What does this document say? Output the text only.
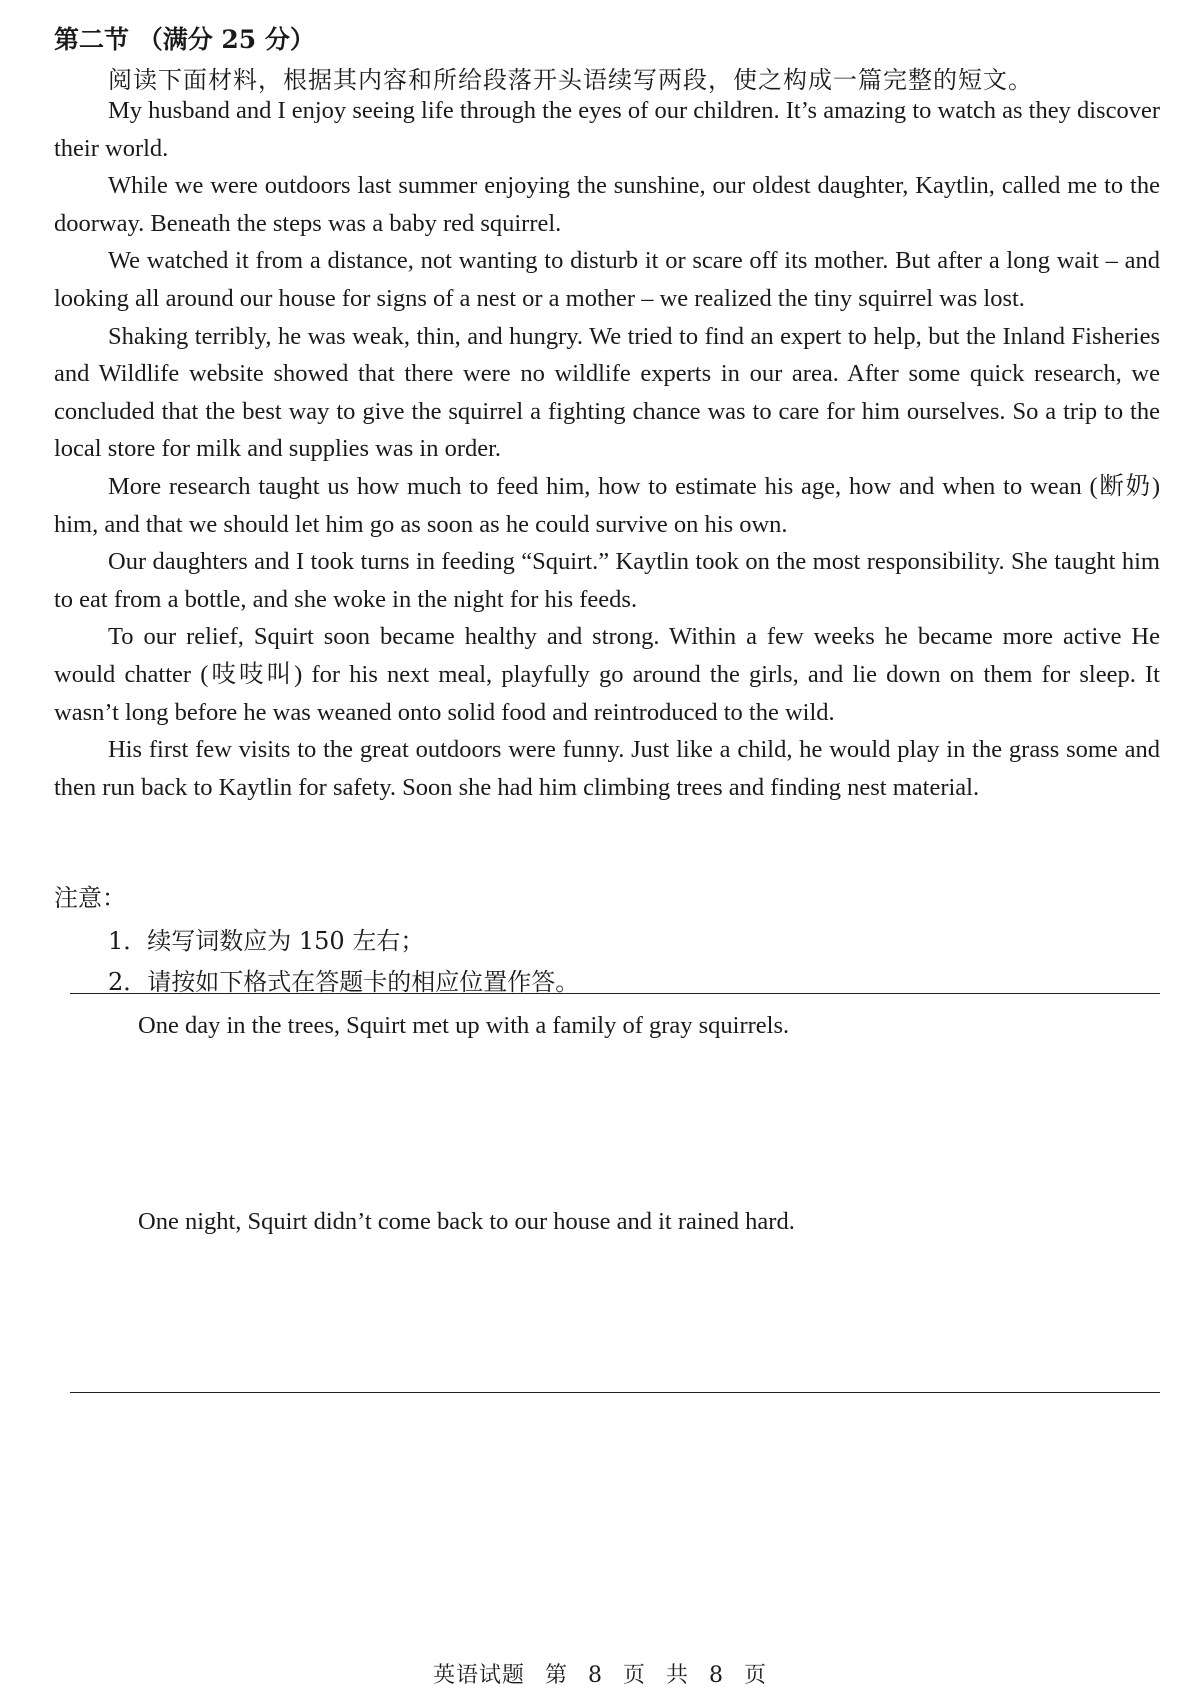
第二节 （满分 25 分）
阅读下面材料，根据其内容和所给段落开头语续写两段，使之构成一篇完整的短文。

My husband and I enjoy seeing life through the eyes of our children. It’s amazing to watch as they discover their world.

While we were outdoors last summer enjoying the sunshine, our oldest daughter, Kaytlin, called me to the doorway. Beneath the steps was a baby red squirrel.

We watched it from a distance, not wanting to disturb it or scare off its mother. But after a long wait – and looking all around our house for signs of a nest or a mother – we realized the tiny squirrel was lost.

Shaking terribly, he was weak, thin, and hungry. We tried to find an expert to help, but the Inland Fisheries and Wildlife website showed that there were no wildlife experts in our area. After some quick research, we concluded that the best way to give the squirrel a fighting chance was to care for him ourselves. So a trip to the local store for milk and supplies was in order.

More research taught us how much to feed him, how to estimate his age, how and when to wean (断奶) him, and that we should let him go as soon as he could survive on his own.

Our daughters and I took turns in feeding “Squirt.” Kaytlin took on the most responsibility. She taught him to eat from a bottle, and she woke in the night for his feeds.

To our relief, Squirt soon became healthy and strong. Within a few weeks he became more active He would chatter (吱吱叫) for his next meal, playfully go around the girls, and lie down on them for sleep. It wasn’t long before he was weaned onto solid food and reintroduced to the wild.

His first few visits to the great outdoors were funny. Just like a child, he would play in the grass some and then run back to Kaytlin for safety. Soon she had him climbing trees and finding nest material.

注意：
1．续写词数应为 150 左右；
2．请按如下格式在答题卡的相应位置作答。
One day in the trees, Squirt met up with a family of gray squirrels.
One night, Squirt didn’t come back to our house and it rained hard.
英语试题 第 8 页 共 8 页
